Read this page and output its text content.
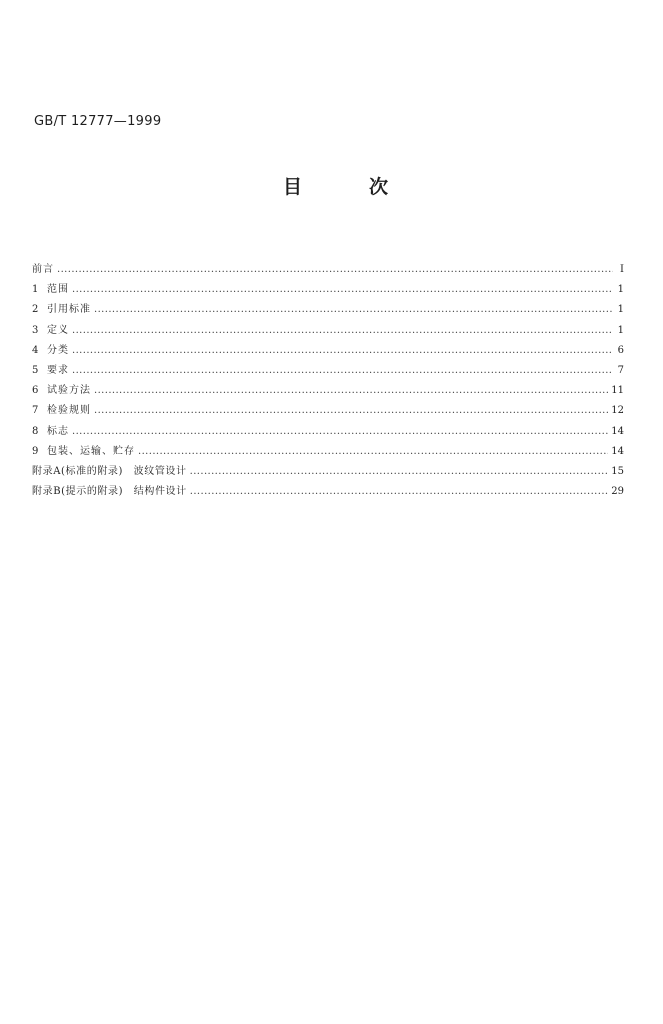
GB/T 12777—1999
目	次
前言 .....	I
1 范围 .....	1
2 引用标准 .....	1
3 定义 .....	1
4 分类 .....	6
5 要求 .....	7
6 试验方法 .....	11
7 检验规则 .....	12
8 标志 .....	14
9 包装、运输、贮存 .....	14
附录A(标准的附录)　波纹管设计 .....	15
附录B(提示的附录)　结构件设计 .....	29
